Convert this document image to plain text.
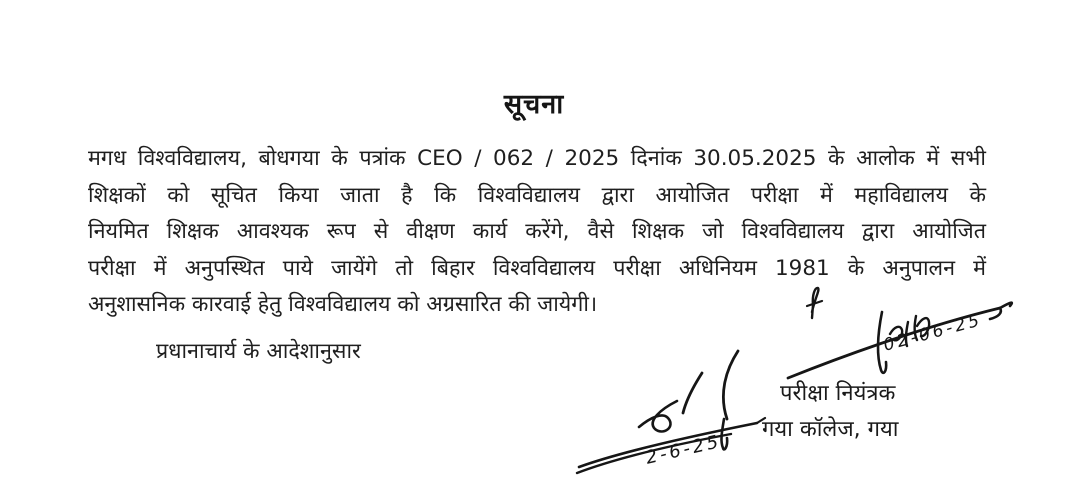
सूचना
मगध विश्वविद्यालय, बोधगया के पत्रांक CEO / 062 / 2025 दिनांक 30.05.2025 के आलोक में सभी
शिक्षकों को सूचित किया जाता है कि विश्वविद्यालय द्वारा आयोजित परीक्षा में महाविद्यालय के
नियमित शिक्षक आवश्यक रूप से वीक्षण कार्य करेंगे, वैसे शिक्षक जो विश्वविद्यालय द्वारा आयोजित
परीक्षा में अनुपस्थित पाये जायेंगे तो बिहार विश्वविद्यालय परीक्षा अधिनियम 1981 के अनुपालन में
अनुशासनिक कारवाई हेतु विश्वविद्यालय को अग्रसारित की जायेगी।
प्रधानाचार्य के आदेशानुसार	02-06-25
2-6-25
परीक्षा नियंत्रक
गया कॉलेज, गया
